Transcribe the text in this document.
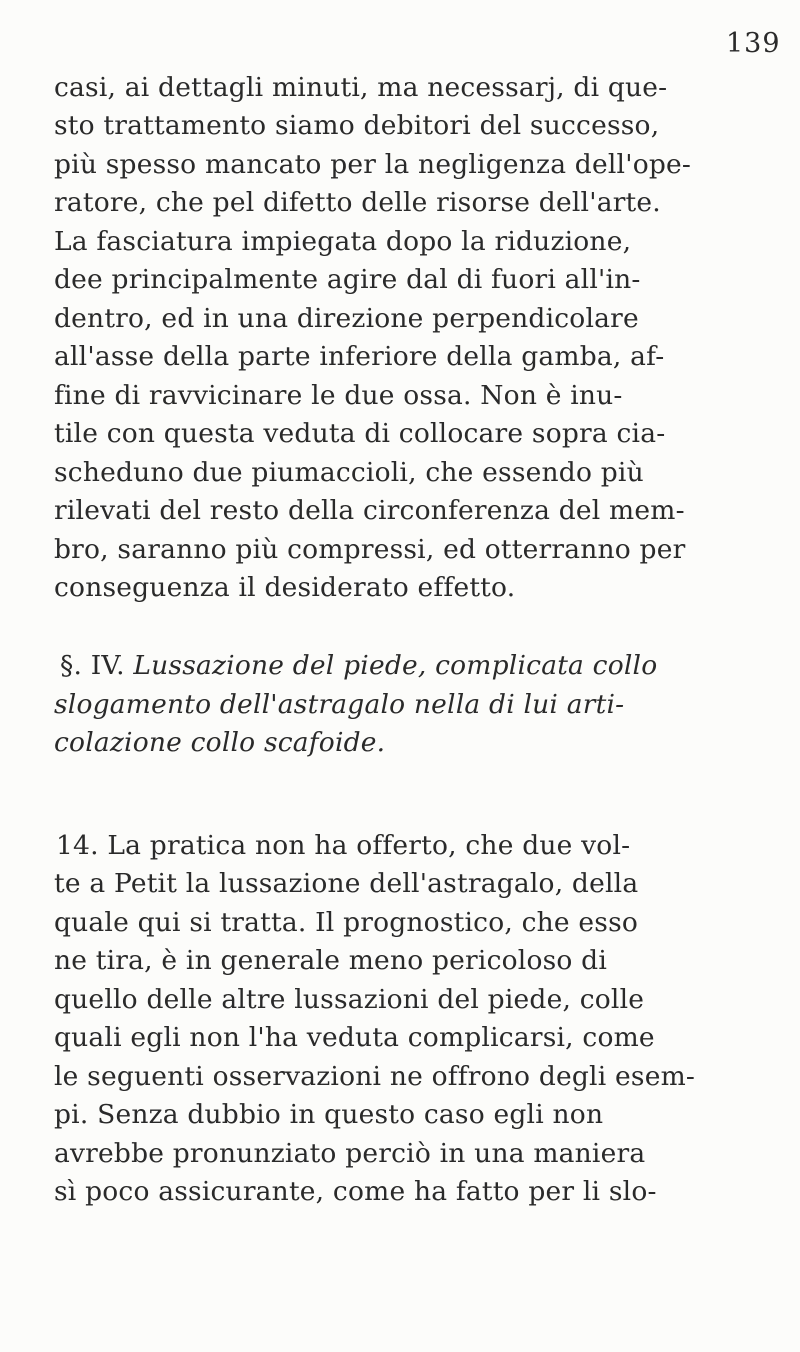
139
casi, ai dettagli minuti, ma necessarj, di que-
sto trattamento siamo debitori del successo,
più spesso mancato per la negligenza dell'ope-
ratore, che pel difetto delle risorse dell'arte.
La fasciatura impiegata dopo la riduzione,
dee principalmente agire dal di fuori all'in-
dentro, ed in una direzione perpendicolare
all'asse della parte inferiore della gamba, af-
fine di ravvicinare le due ossa. Non è inu-
tile con questa veduta di collocare sopra cia-
scheduno due piumaccioli, che essendo più
rilevati del resto della circonferenza del mem-
bro, saranno più compressi, ed otterranno per
conseguenza il desiderato effetto.
§. IV. Lussazione del piede, complicata collo
slogamento dell'astragalo nella di lui arti-
colazione collo scafoide.
14. La pratica non ha offerto, che due vol-
te a Petit la lussazione dell'astragalo, della
quale qui si tratta. Il prognostico, che esso
ne tira, è in generale meno pericoloso di
quello delle altre lussazioni del piede, colle
quali egli non l'ha veduta complicarsi, come
le seguenti osservazioni ne offrono degli esem-
pi. Senza dubbio in questo caso egli non
avrebbe pronunziato perciò in una maniera
sì poco assicurante, come ha fatto per li slo-
